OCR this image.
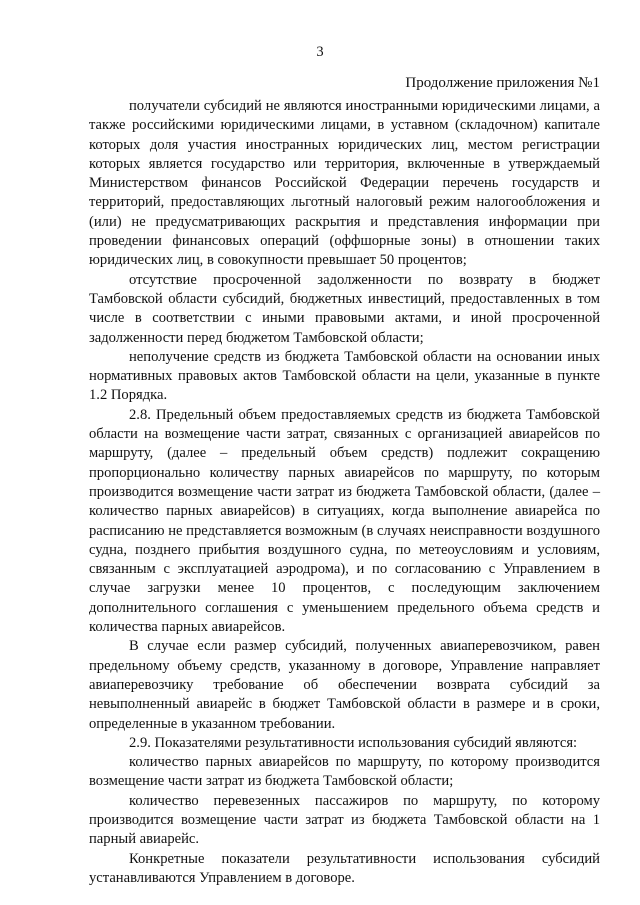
3
Продолжение приложения №1

получатели субсидий не являются иностранными юридическими лицами, а также российскими юридическими лицами, в уставном (складочном) капитале которых доля участия иностранных юридических лиц, местом регистрации которых является государство или территория, включенные в утверждаемый Министерством финансов Российской Федерации перечень государств и территорий, предоставляющих льготный налоговый режим налогообложения и (или) не предусматривающих раскрытия и представления информации при проведении финансовых операций (оффшорные зоны) в отношении таких юридических лиц, в совокупности превышает 50 процентов;

отсутствие просроченной задолженности по возврату в бюджет Тамбовской области субсидий, бюджетных инвестиций, предоставленных в том числе в соответствии с иными правовыми актами, и иной просроченной задолженности перед бюджетом Тамбовской области;

неполучение средств из бюджета Тамбовской области на основании иных нормативных правовых актов Тамбовской области на цели, указанные в пункте 1.2 Порядка.

2.8. Предельный объем предоставляемых средств из бюджета Тамбовской области на возмещение части затрат, связанных с организацией авиарейсов по маршруту, (далее – предельный объем средств) подлежит сокращению пропорционально количеству парных авиарейсов по маршруту, по которым производится возмещение части затрат из бюджета Тамбовской области, (далее – количество парных авиарейсов) в ситуациях, когда выполнение авиарейса по расписанию не представляется возможным (в случаях неисправности воздушного судна, позднего прибытия воздушного судна, по метеоусловиям и условиям, связанным с эксплуатацией аэродрома), и по согласованию с Управлением в случае загрузки менее 10 процентов, с последующим заключением дополнительного соглашения с уменьшением предельного объема средств и количества парных авиарейсов.

В случае если размер субсидий, полученных авиаперевозчиком, равен предельному объему средств, указанному в договоре, Управление направляет авиаперевозчику требование об обеспечении возврата субсидий за невыполненный авиарейс в бюджет Тамбовской области в размере и в сроки, определенные в указанном требовании.

2.9. Показателями результативности использования субсидий являются:

количество парных авиарейсов по маршруту, по которому производится возмещение части затрат из бюджета Тамбовской области;

количество перевезенных пассажиров по маршруту, по которому производится возмещение части затрат из бюджета Тамбовской области на 1 парный авиарейс.

Конкретные показатели результативности использования субсидий устанавливаются Управлением в договоре.
